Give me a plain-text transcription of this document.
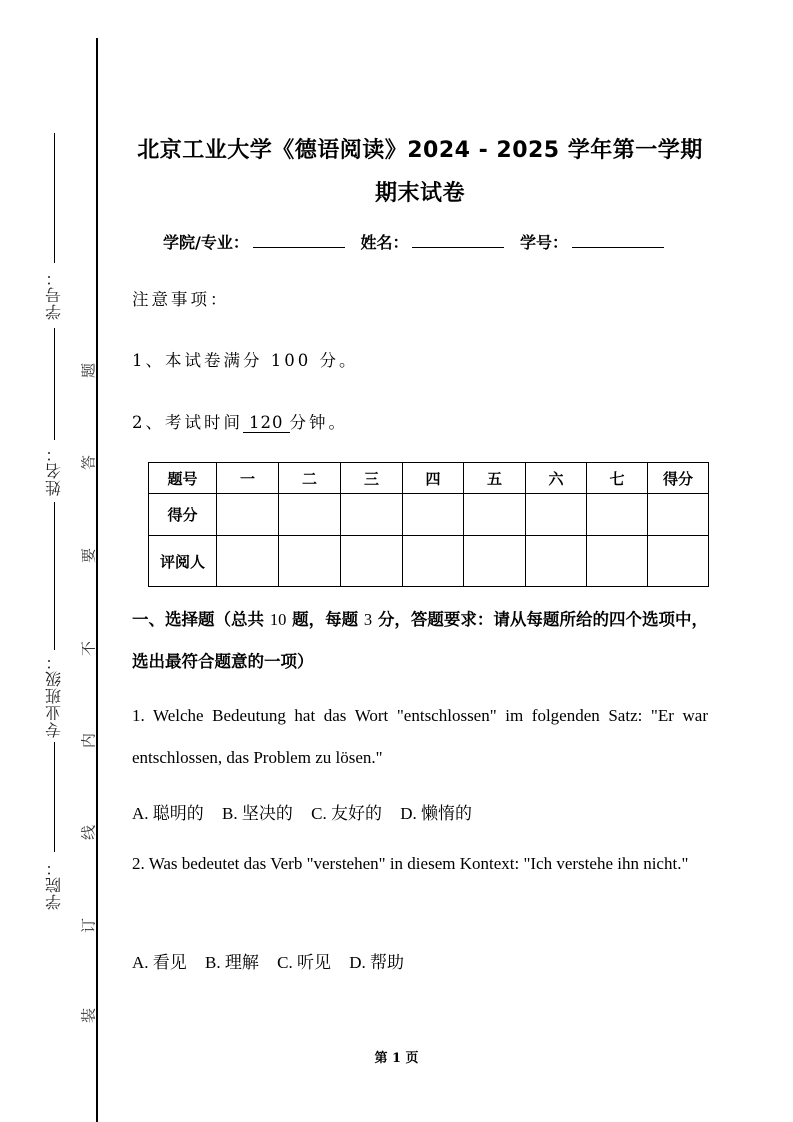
学号：
姓名：
专业班级：
学院：
题
答
要
不
内
线
订
装
北京工业大学《德语阅读》2024 - 2025 学年第一学期
期末试卷
学院/专业：	姓名：	学号：
注意事项：
1、本试卷满分 100 分。
2、考试时间 120 分钟。
题号	一	二	三	四	五	六	七	得分
得分								
评阅人								
一、选择题（总共 10 题，每题 3 分，答题要求：请从每题所给的四个选项中，选出最符合题意的一项）
1. Welche Bedeutung hat das Wort "entschlossen" im folgenden Satz: "Er war entschlossen, das Problem zu lösen."
A. 聪明的 B. 坚决的 C. 友好的 D. 懒惰的
2. Was bedeutet das Verb "verstehen" in diesem Kontext: "Ich verstehe ihn nicht."
A. 看见 B. 理解 C. 听见 D. 帮助
第 1 页
